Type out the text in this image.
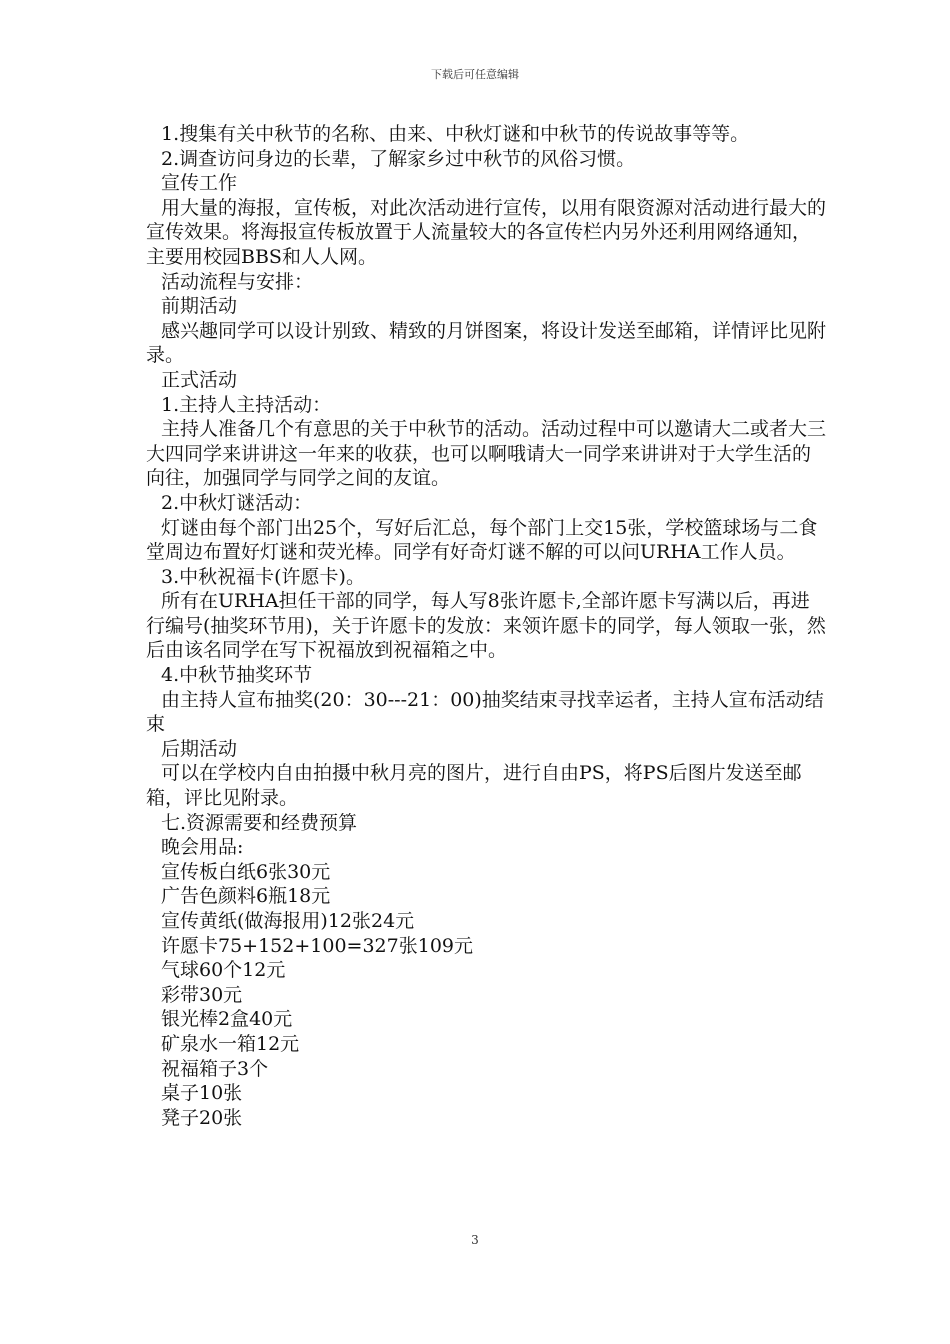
下载后可任意编辑

1.搜集有关中秋节的名称、由来、中秋灯谜和中秋节的传说故事等等。

2.调查访问身边的长辈，了解家乡过中秋节的风俗习惯。

宣传工作

用大量的海报，宣传板，对此次活动进行宣传，以用有限资源对活动进行最大的宣传效果。将海报宣传板放置于人流量较大的各宣传栏内另外还利用网络通知，主要用校园BBS和人人网。

活动流程与安排：

前期活动

感兴趣同学可以设计别致、精致的月饼图案，将设计发送至邮箱，详情评比见附录。

正式活动

1.主持人主持活动：

主持人准备几个有意思的关于中秋节的活动。活动过程中可以邀请大二或者大三大四同学来讲讲这一年来的收获，也可以啊哦请大一同学来讲讲对于大学生活的向往，加强同学与同学之间的友谊。

2.中秋灯谜活动：

灯谜由每个部门出25个，写好后汇总，每个部门上交15张，学校篮球场与二食堂周边布置好灯谜和荧光棒。同学有好奇灯谜不解的可以问URHA工作人员。

3.中秋祝福卡(许愿卡)。

所有在URHA担任干部的同学，每人写8张许愿卡,全部许愿卡写满以后，再进行编号(抽奖环节用)，关于许愿卡的发放：来领许愿卡的同学，每人领取一张，然后由该名同学在写下祝福放到祝福箱之中。

4.中秋节抽奖环节

由主持人宣布抽奖(20：30---21：00)抽奖结束寻找幸运者，主持人宣布活动结束

后期活动

可以在学校内自由拍摄中秋月亮的图片，进行自由PS，将PS后图片发送至邮箱，评比见附录。

七.资源需要和经费预算

晚会用品:

宣传板白纸6张30元

广告色颜料6瓶18元

宣传黄纸(做海报用)12张24元

许愿卡75+152+100=327张109元

气球60个12元

彩带30元

银光棒2盒40元

矿泉水一箱12元

祝福箱子3个

桌子10张

凳子20张

3
